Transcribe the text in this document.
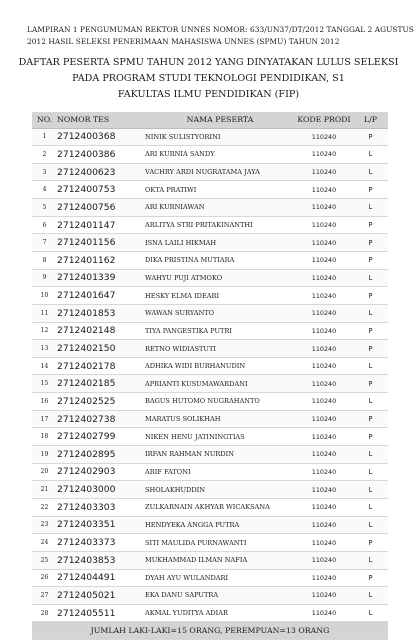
LAMPIRAN 1 PENGUMUMAN REKTOR UNNES NOMOR: 633/UN37/DT/2012 TANGGAL 2 AGUSTUS
2012 HASIL SELEKSI PENERIMAAN MAHASISWA UNNES (SPMU) TAHUN 2012
DAFTAR PESERTA SPMU TAHUN 2012 YANG DINYATAKAN LULUS SELEKSI
PADA PROGRAM STUDI TEKNOLOGI PENDIDIKAN, S1
FAKULTAS ILMU PENDIDIKAN (FIP)
NO.	NOMOR TES	NAMA PESERTA	KODE PRODI	L/P
1	2712400368	NINIK SULISTYORINI	110240	P
2	2712400386	ARI KURNIA SANDY	110240	L
3	2712400623	VACHRY ARDI NUGRATAMA JAYA	110240	L
4	2712400753	OKTA PRATIWI	110240	P
5	2712400756	ARI KURNIAWAN	110240	L
6	2712401147	ARLITYA STRI PRITAKINANTHI	110240	P
7	2712401156	ISNA LAILI HIKMAH	110240	P
8	2712401162	DIKA PRISTINA MUTIARA	110240	P
9	2712401339	WAHYU PUJI ATMOKO	110240	L
10	2712401647	HESKY ELMA IDEARI	110240	P
11	2712401853	WAWAN SURYANTO	110240	L
12	2712402148	TIYA PANGESTIKA PUTRI	110240	P
13	2712402150	RETNO WIDIASTUTI	110240	P
14	2712402178	ADHIKA WIDI BURHANUDIN	110240	L
15	2712402185	APRIANTI KUSUMAWARDANI	110240	P
16	2712402525	BAGUS HUTOMO NUGRAHANTO	110240	L
17	2712402738	MARATUS SOLIKHAH	110240	P
18	2712402799	NIKEN HENU JATININGTIAS	110240	P
19	2712402895	IRFAN RAHMAN NURDIN	110240	L
20	2712402903	ARIF FATONI	110240	L
21	2712403000	SHOLAKHUDDIN	110240	L
22	2712403303	ZULKARNAIN AKHYAR WICAKSANA	110240	L
23	2712403351	HENDYEKA ANGGA PUTRA	110240	L
24	2712403373	SITI MAULIDA PURNAWANTI	110240	P
25	2712403853	MUKHAMMAD ILMAN NAFIA	110240	L
26	2712404491	DYAH AYU WULANDARI	110240	P
27	2712405021	EKA DANU SAPUTRA	110240	L
28	2712405511	AKMAL YUDITYA ADIAR	110240	L
JUMLAH LAKI-LAKI=15 ORANG, PEREMPUAN=13 ORANG				
